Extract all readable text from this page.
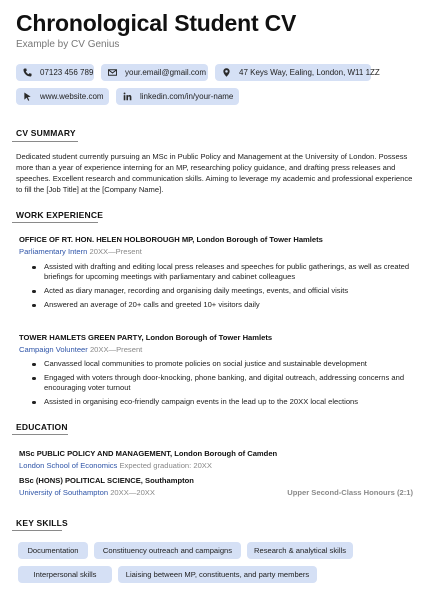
Chronological Student CV
Example by CV Genius
07123 456 789	your.email@gmail.com	47 Keys Way, Ealing, London, W11 1ZZ
www.website.com	linkedin.com/in/your-name
CV SUMMARY
Dedicated student currently pursuing an MSc in Public Policy and Management at the University of London. Possess more than a year of experience interning for an MP, researching policy guidance, and drafting press releases and speeches. Excellent research and communication skills. Aiming to leverage my academic and professional experience to fill the [Job Title] at the [Company Name].
WORK EXPERIENCE
OFFICE OF RT. HON. HELEN HOLBOROUGH MP, London Borough of Tower Hamlets
Parliamentary Intern 20XX—Present
Assisted with drafting and editing local press releases and speeches for public gatherings, as well as created briefings for upcoming meetings with parliamentary and cabinet colleagues
Acted as diary manager, recording and organising daily meetings, events, and official visits
Answered an average of 20+ calls and greeted 10+ visitors daily
TOWER HAMLETS GREEN PARTY, London Borough of Tower Hamlets
Campaign Volunteer 20XX—Present
Canvassed local communities to promote policies on social justice and sustainable development
Engaged with voters through door-knocking, phone banking, and digital outreach, addressing concerns and encouraging voter turnout
Assisted in organising eco-friendly campaign events in the lead up to the 20XX local elections
EDUCATION
MSc PUBLIC POLICY AND MANAGEMENT, London Borough of Camden
London School of Economics Expected graduation: 20XX
BSc (HONS) POLITICAL SCIENCE, Southampton
University of Southampton 20XX—20XX	Upper Second-Class Honours (2:1)
KEY SKILLS
Documentation	Constituency outreach and campaigns	Research & analytical skills
Interpersonal skills	Liaising between MP, constituents, and party members
